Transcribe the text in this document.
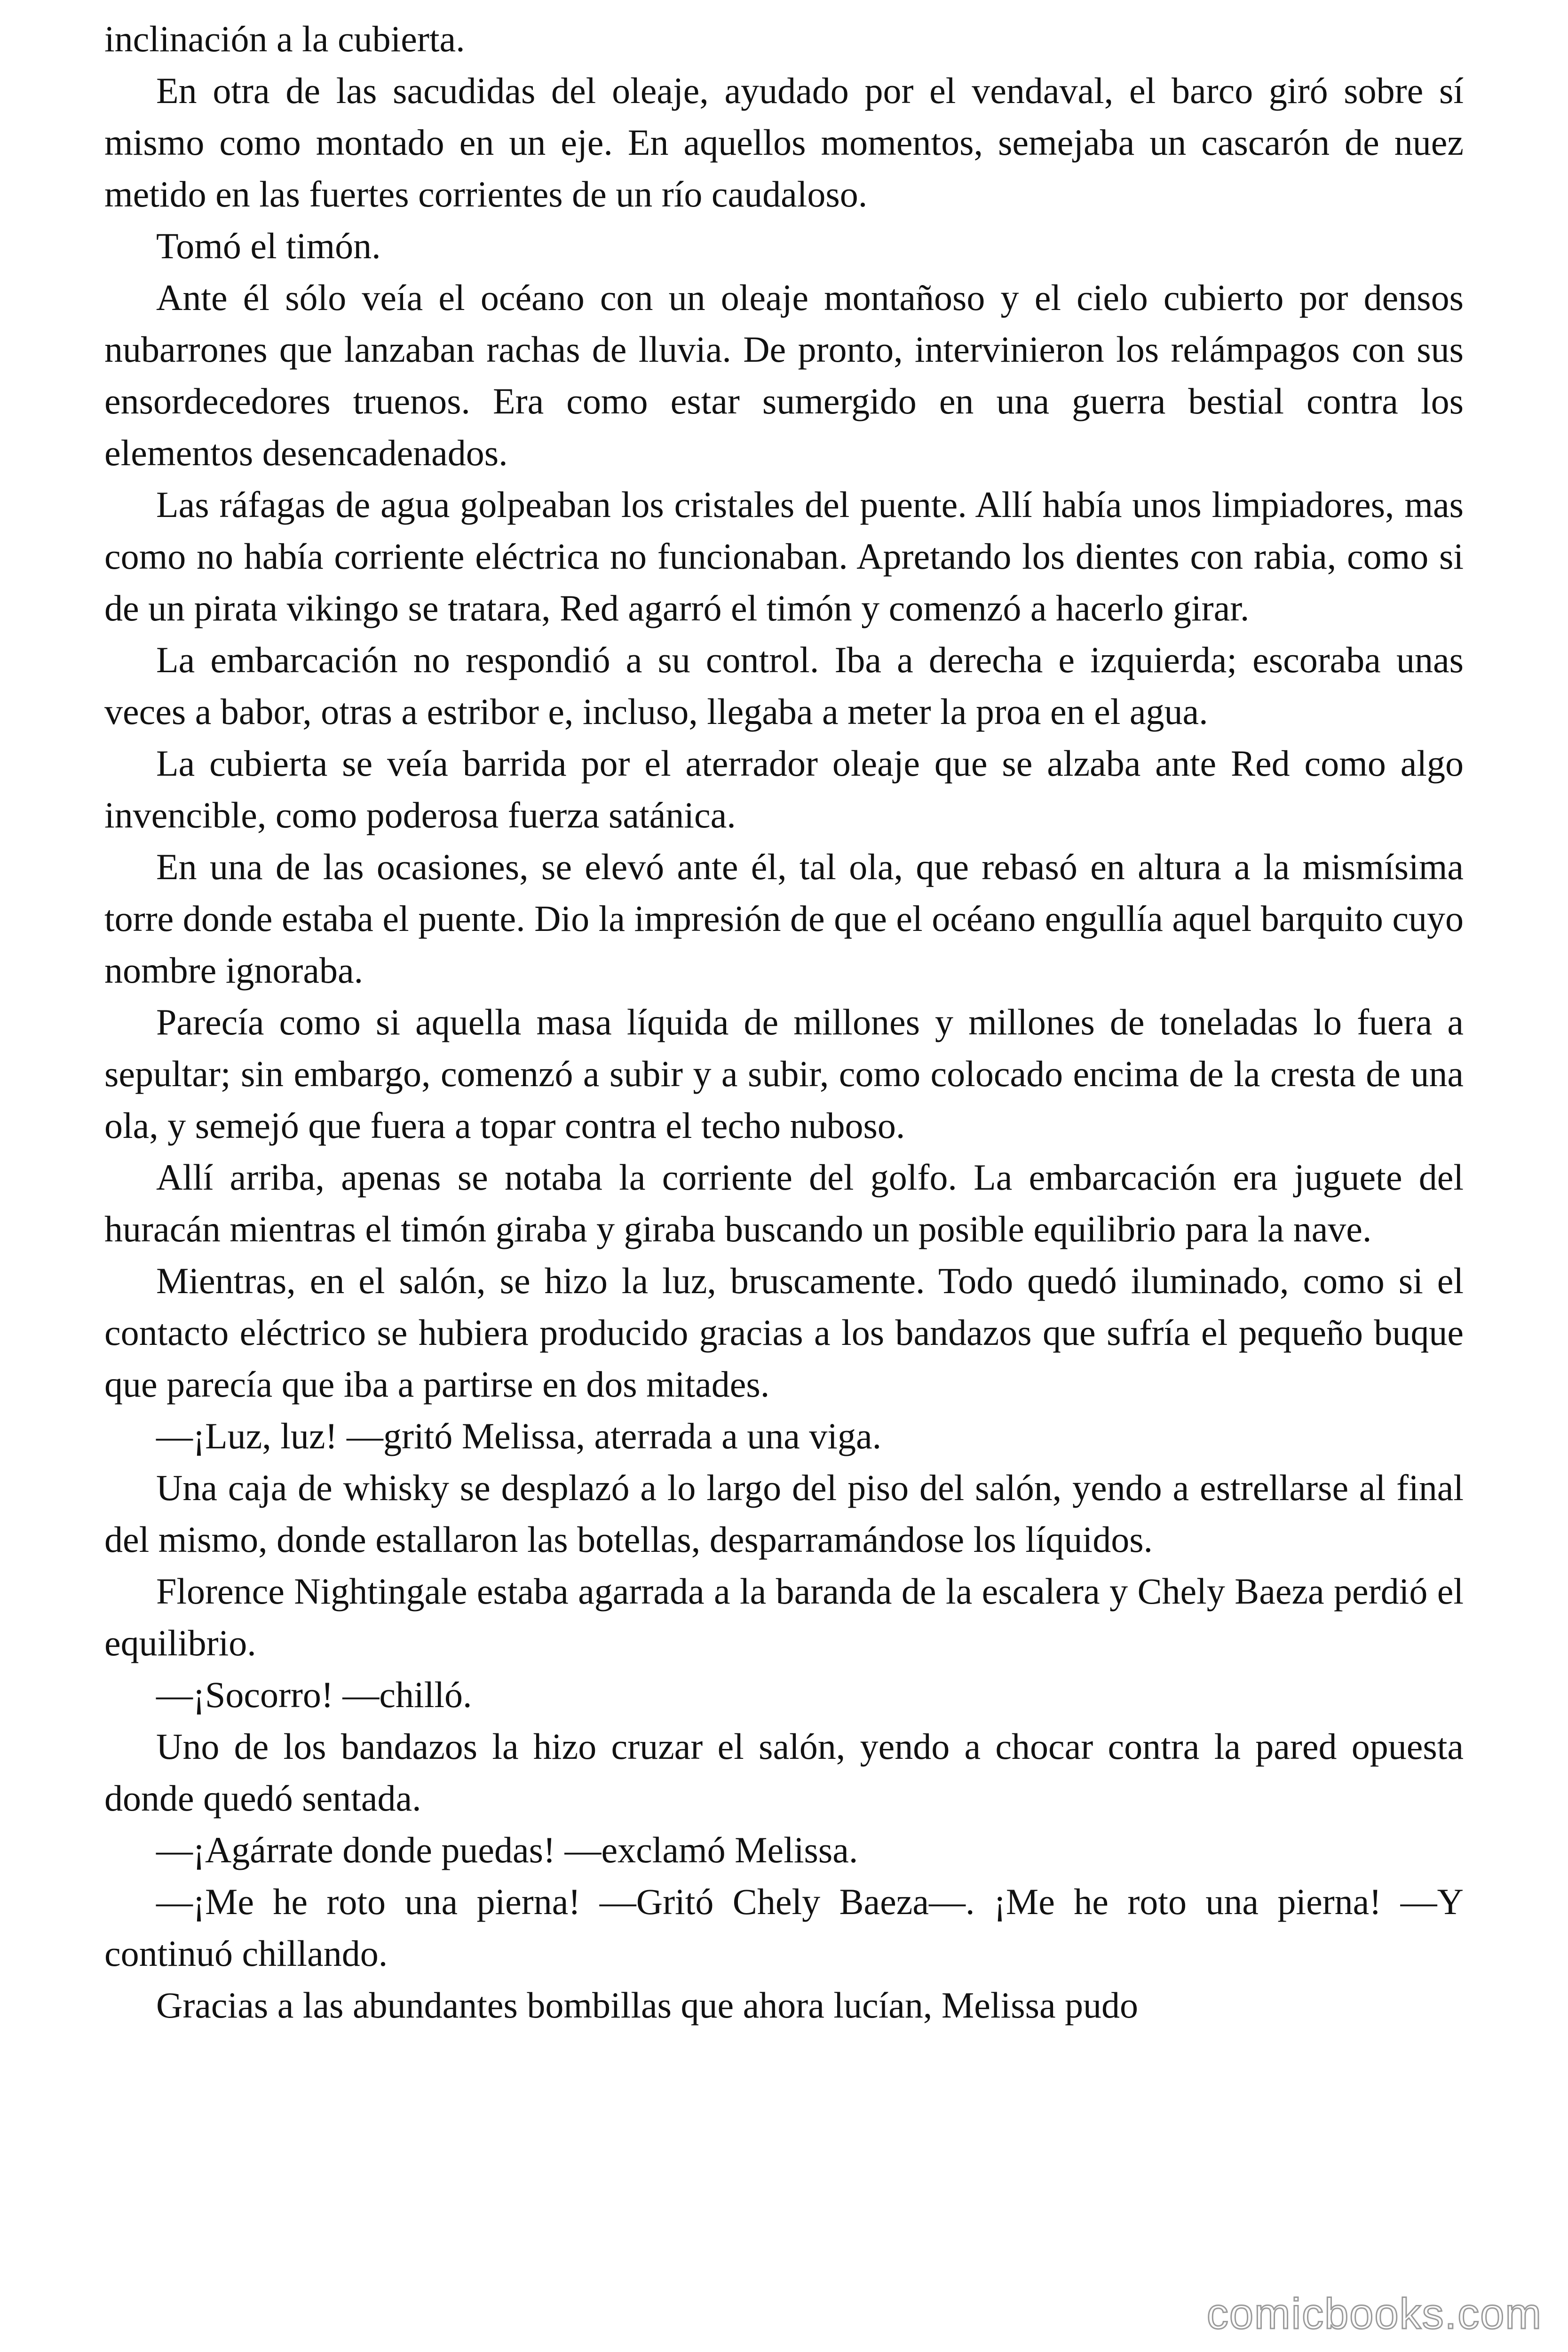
inclinación a la cubierta.

En otra de las sacudidas del oleaje, ayudado por el vendaval, el barco giró sobre sí mismo como montado en un eje. En aquellos momentos, semejaba un cascarón de nuez metido en las fuertes corrientes de un río caudaloso.

Tomó el timón.

Ante él sólo veía el océano con un oleaje montañoso y el cielo cubierto por densos nubarrones que lanzaban rachas de lluvia. De pronto, intervinieron los relámpagos con sus ensordecedores truenos. Era como estar sumergido en una guerra bestial contra los elementos desencadenados.

Las ráfagas de agua golpeaban los cristales del puente. Allí había unos limpiadores, mas como no había corriente eléctrica no funcionaban. Apretando los dientes con rabia, como si de un pirata vikingo se tratara, Red agarró el timón y comenzó a hacerlo girar.

La embarcación no respondió a su control. Iba a derecha e izquierda; escoraba unas veces a babor, otras a estribor e, incluso, llegaba a meter la proa en el agua.

La cubierta se veía barrida por el aterrador oleaje que se alzaba ante Red como algo invencible, como poderosa fuerza satánica.

En una de las ocasiones, se elevó ante él, tal ola, que rebasó en altura a la mismísima torre donde estaba el puente. Dio la impresión de que el océano engullía aquel barquito cuyo nombre ignoraba.

Parecía como si aquella masa líquida de millones y millones de toneladas lo fuera a sepultar; sin embargo, comenzó a subir y a subir, como colocado encima de la cresta de una ola, y semejó que fuera a topar contra el techo nuboso.

Allí arriba, apenas se notaba la corriente del golfo. La embarcación era juguete del huracán mientras el timón giraba y giraba buscando un posible equilibrio para la nave.

Mientras, en el salón, se hizo la luz, bruscamente. Todo quedó iluminado, como si el contacto eléctrico se hubiera producido gracias a los bandazos que sufría el pequeño buque que parecía que iba a partirse en dos mitades.

—¡Luz, luz! —gritó Melissa, aterrada a una viga.

Una caja de whisky se desplazó a lo largo del piso del salón, yendo a estrellarse al final del mismo, donde estallaron las botellas, desparramándose los líquidos.

Florence Nightingale estaba agarrada a la baranda de la escalera y Chely Baeza perdió el equilibrio.

—¡Socorro! —chilló.

Uno de los bandazos la hizo cruzar el salón, yendo a chocar contra la pared opuesta donde quedó sentada.

—¡Agárrate donde puedas! —exclamó Melissa.

—¡Me he roto una pierna! —Gritó Chely Baeza—. ¡Me he roto una pierna! —Y continuó chillando.

Gracias a las abundantes bombillas que ahora lucían, Melissa pudo

comicbooks.com
